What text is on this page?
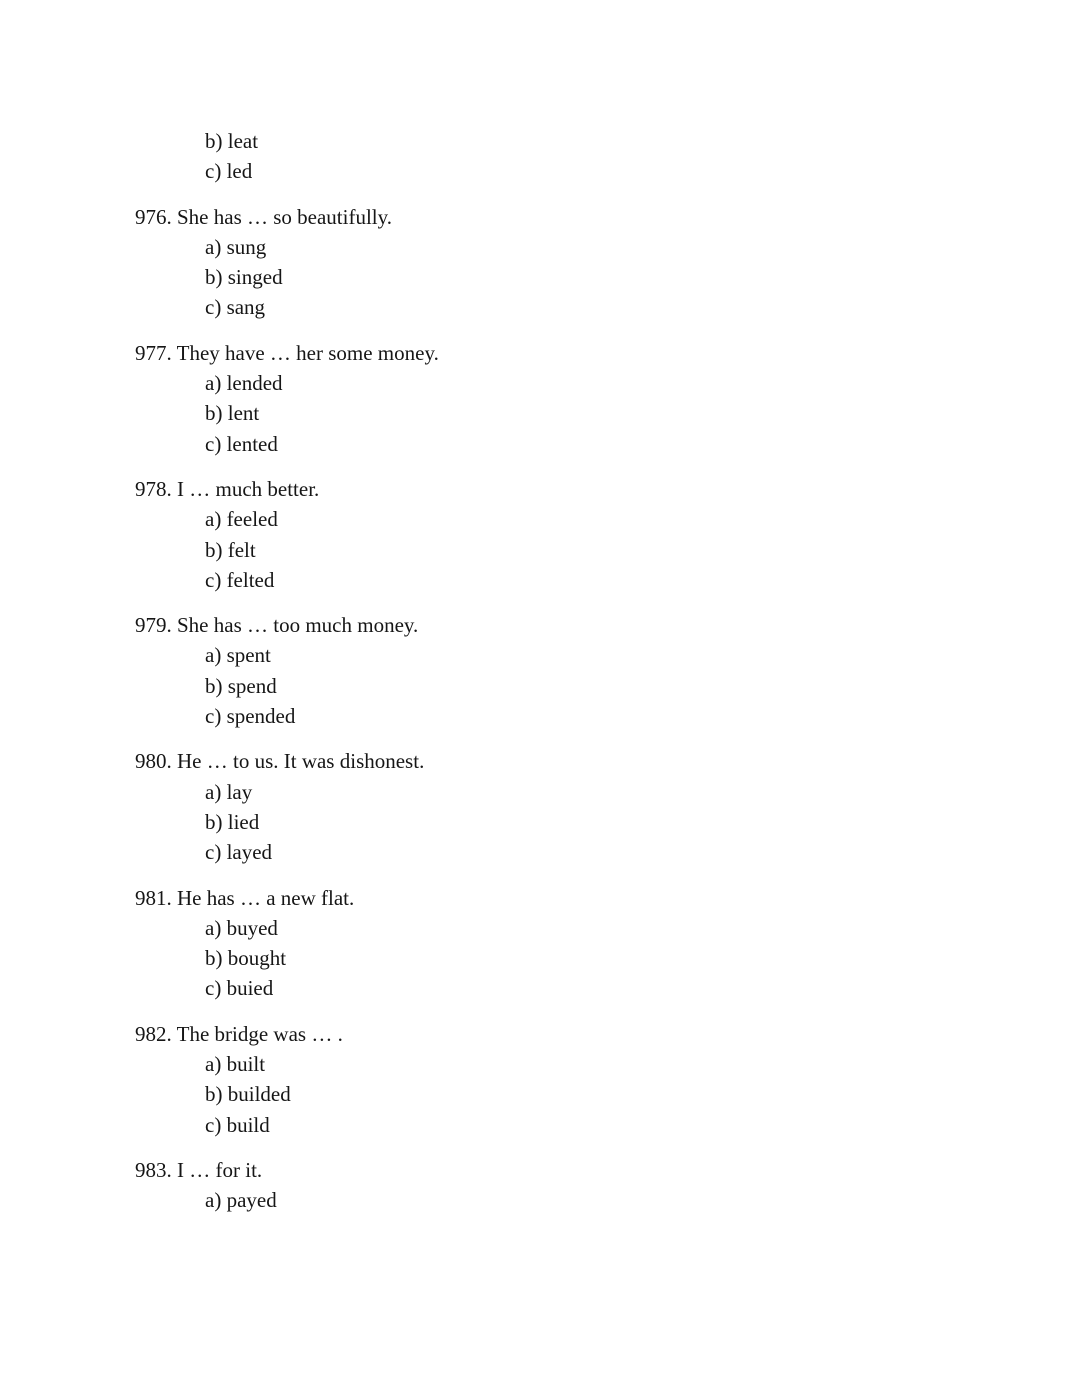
b) leat
c) led
976. She has … so beautifully.
a) sung
b) singed
c) sang
977. They have … her some money.
a) lended
b) lent
c) lented
978. I … much better.
a) feeled
b) felt
c) felted
979. She has … too much money.
a) spent
b) spend
c) spended
980. He … to us. It was dishonest.
a) lay
b) lied
c) layed
981. He has … a new flat.
a) buyed
b) bought
c) buied
982. The bridge was … .
a) built
b) builded
c) build
983. I … for it.
a) payed
